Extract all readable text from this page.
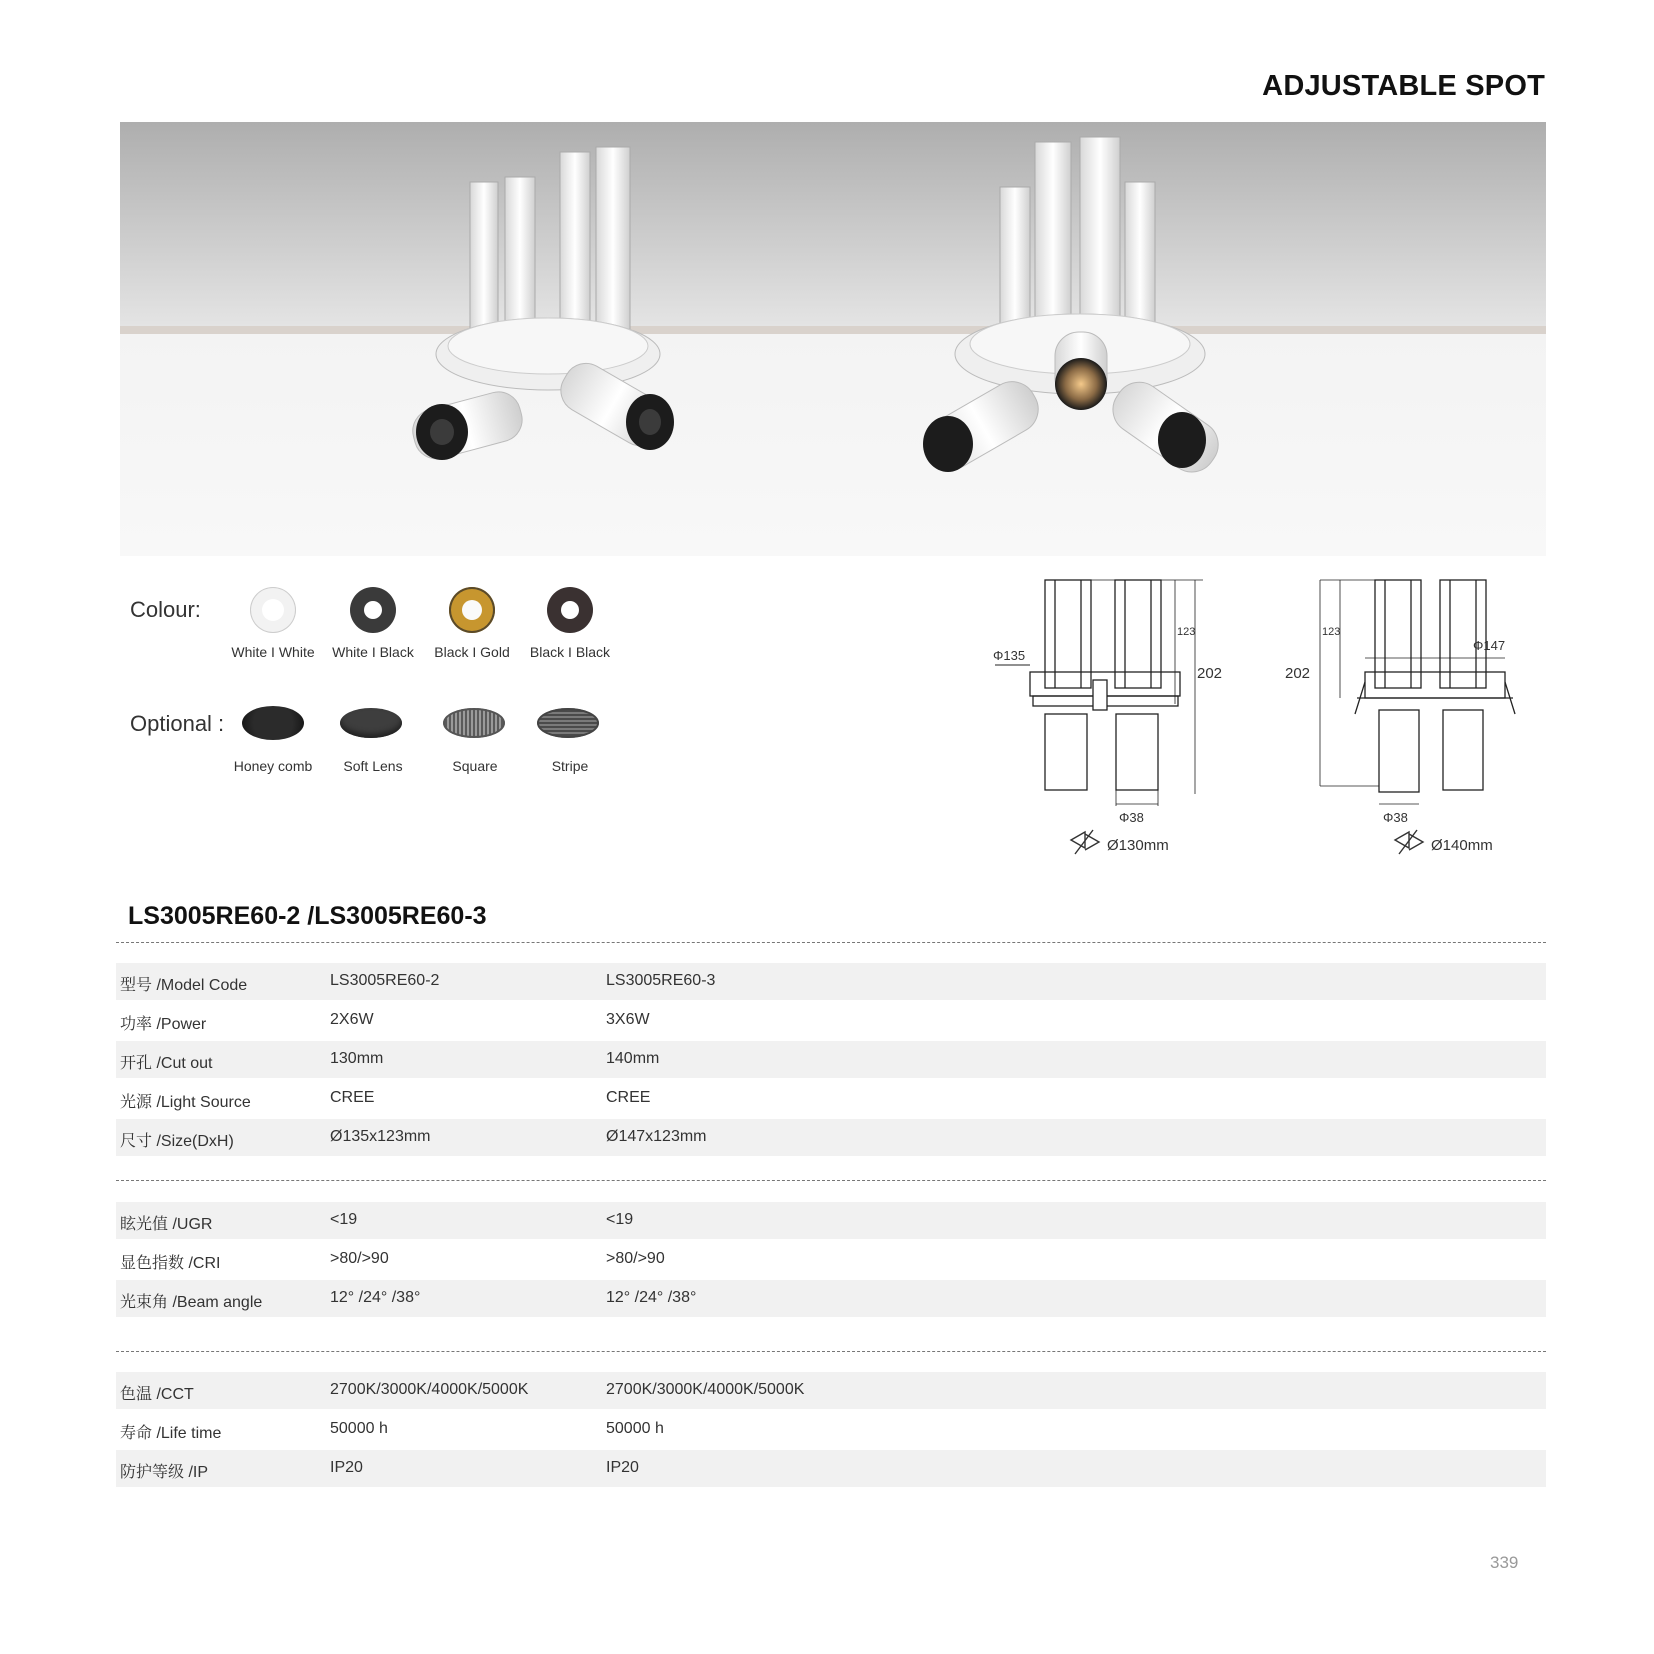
ADJUSTABLE SPOT
Colour:
White I White	White I Black	Black I Gold	Black I Black
Optional :
Honey comb	Soft Lens	Square	Stripe
Φ135
123
202
Φ38
Ø130mm
123
202
Φ147
Φ38
Ø140mm
LS3005RE60-2 /LS3005RE60-3
型号 /Model Code	LS3005RE60-2	LS3005RE60-3
功率 /Power	2X6W	3X6W
开孔 /Cut out	130mm	140mm
光源 /Light Source	CREE	CREE
尺寸 /Size(DxH)	Ø135x123mm	Ø147x123mm
眩光值 /UGR	<19	<19
显色指数 /CRI	>80/>90	>80/>90
光束角 /Beam angle	12° /24° /38°	12° /24° /38°
色温 /CCT	2700K/3000K/4000K/5000K	2700K/3000K/4000K/5000K
寿命 /Life time	50000 h	50000 h
防护等级 /IP	IP20	IP20
339
